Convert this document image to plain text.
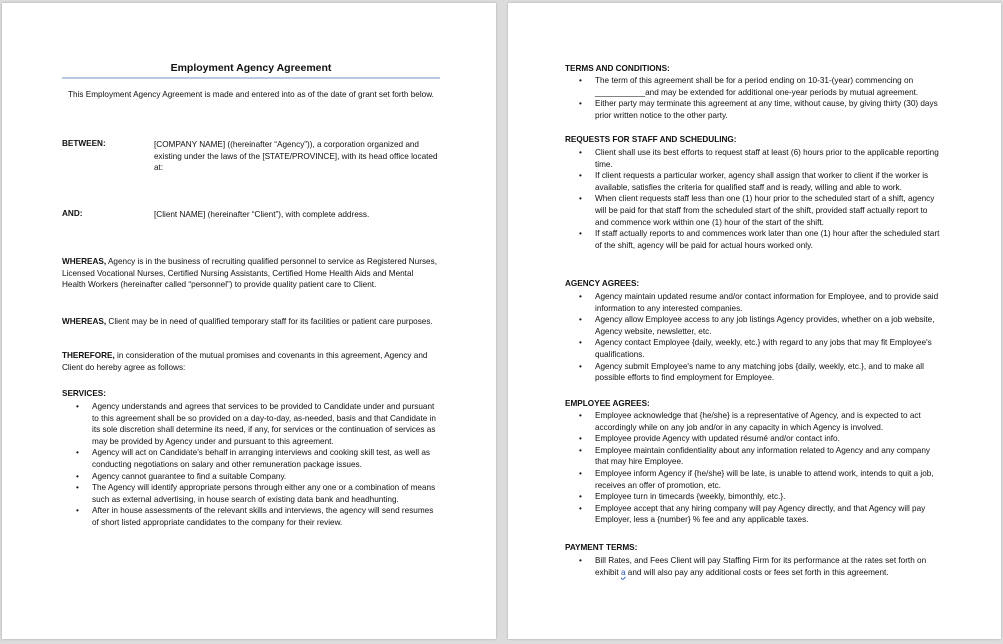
Employment Agency Agreement
This Employment Agency Agreement is made and entered into as of the date of grant set forth below.
BETWEEN:	[COMPANY NAME] ((hereinafter “Agency”)), a corporation organized and existing under the laws of the [STATE/PROVINCE], with its head office located at:
AND:	[Client NAME] (hereinafter “Client”), with complete address.
WHEREAS, Agency is in the business of recruiting qualified personnel to service as Registered Nurses, Licensed Vocational Nurses, Certified Nursing Assistants, Certified Home Health Aids and Mental Health Workers (hereinafter called “personnel”) to provide quality patient care to Client.
WHEREAS, Client may be in need of qualified temporary staff for its facilities or patient care purposes.
THEREFORE, in consideration of the mutual promises and covenants in this agreement, Agency and Client do hereby agree as follows:
SERVICES:
• Agency understands and agrees that services to be provided to Candidate under and pursuant to this agreement shall be so provided on a day-to-day, as-needed, basis and that Candidate in its sole discretion shall determine its need, if any, for services or the continuation of services as may be provided by Agency under and pursuant to this agreement.
• Agency will act on Candidate’s behalf in arranging interviews and cooking skill test, as well as conducting negotiations on salary and other remuneration package issues.
• Agency cannot guarantee to find a suitable Company.
• The Agency will identify appropriate persons through either any one or a combination of means such as external advertising, in house search of existing data bank and headhunting.
• After in house assessments of the relevant skills and interviews, the agency will send resumes of short listed appropriate candidates to the company for their review.
TERMS AND CONDITIONS:
• The term of this agreement shall be for a period ending on 10-31-(year) commencing on ___________and may be extended for additional one-year periods by mutual agreement.
• Either party may terminate this agreement at any time, without cause, by giving thirty (30) days prior written notice to the other party.
REQUESTS FOR STAFF AND SCHEDULING:
• Client shall use its best efforts to request staff at least (6) hours prior to the applicable reporting time.
• If client requests a particular worker, agency shall assign that worker to client if the worker is available, satisfies the criteria for qualified staff and is ready, willing and able to work.
• When client requests staff less than one (1) hour prior to the scheduled start of a shift, agency will be paid for that staff from the scheduled start of the shift, provided staff actually report to and commence work within one (1) hour of the start of the shift.
• If staff actually reports to and commences work later than one (1) hour after the scheduled start of the shift, agency will be paid for actual hours worked only.
AGENCY AGREES:
• Agency maintain updated resume and/or contact information for Employee, and to provide said information to any interested companies.
• Agency allow Employee access to any job listings Agency provides, whether on a job website, Agency website, newsletter, etc.
• Agency contact Employee {daily, weekly, etc.} with regard to any jobs that may fit Employee's qualifications.
• Agency submit Employee's name to any matching jobs {daily, weekly, etc.}, and to make all possible efforts to find employment for Employee.
EMPLOYEE AGREES:
• Employee acknowledge that {he/she} is a representative of Agency, and is expected to act accordingly while on any job and/or in any capacity in which Agency is involved.
• Employee provide Agency with updated résumé and/or contact info.
• Employee maintain confidentiality about any information related to Agency and any company that may hire Employee.
• Employee inform Agency if {he/she} will be late, is unable to attend work, intends to quit a job, receives an offer of promotion, etc.
• Employee turn in timecards {weekly, bimonthly, etc.}.
• Employee accept that any hiring company will pay Agency directly, and that Agency will pay Employer, less a {number} % fee and any applicable taxes.
PAYMENT TERMS:
• Bill Rates, and Fees Client will pay Staffing Firm for its performance at the rates set forth on exhibit a and will also pay any additional costs or fees set forth in this agreement.
